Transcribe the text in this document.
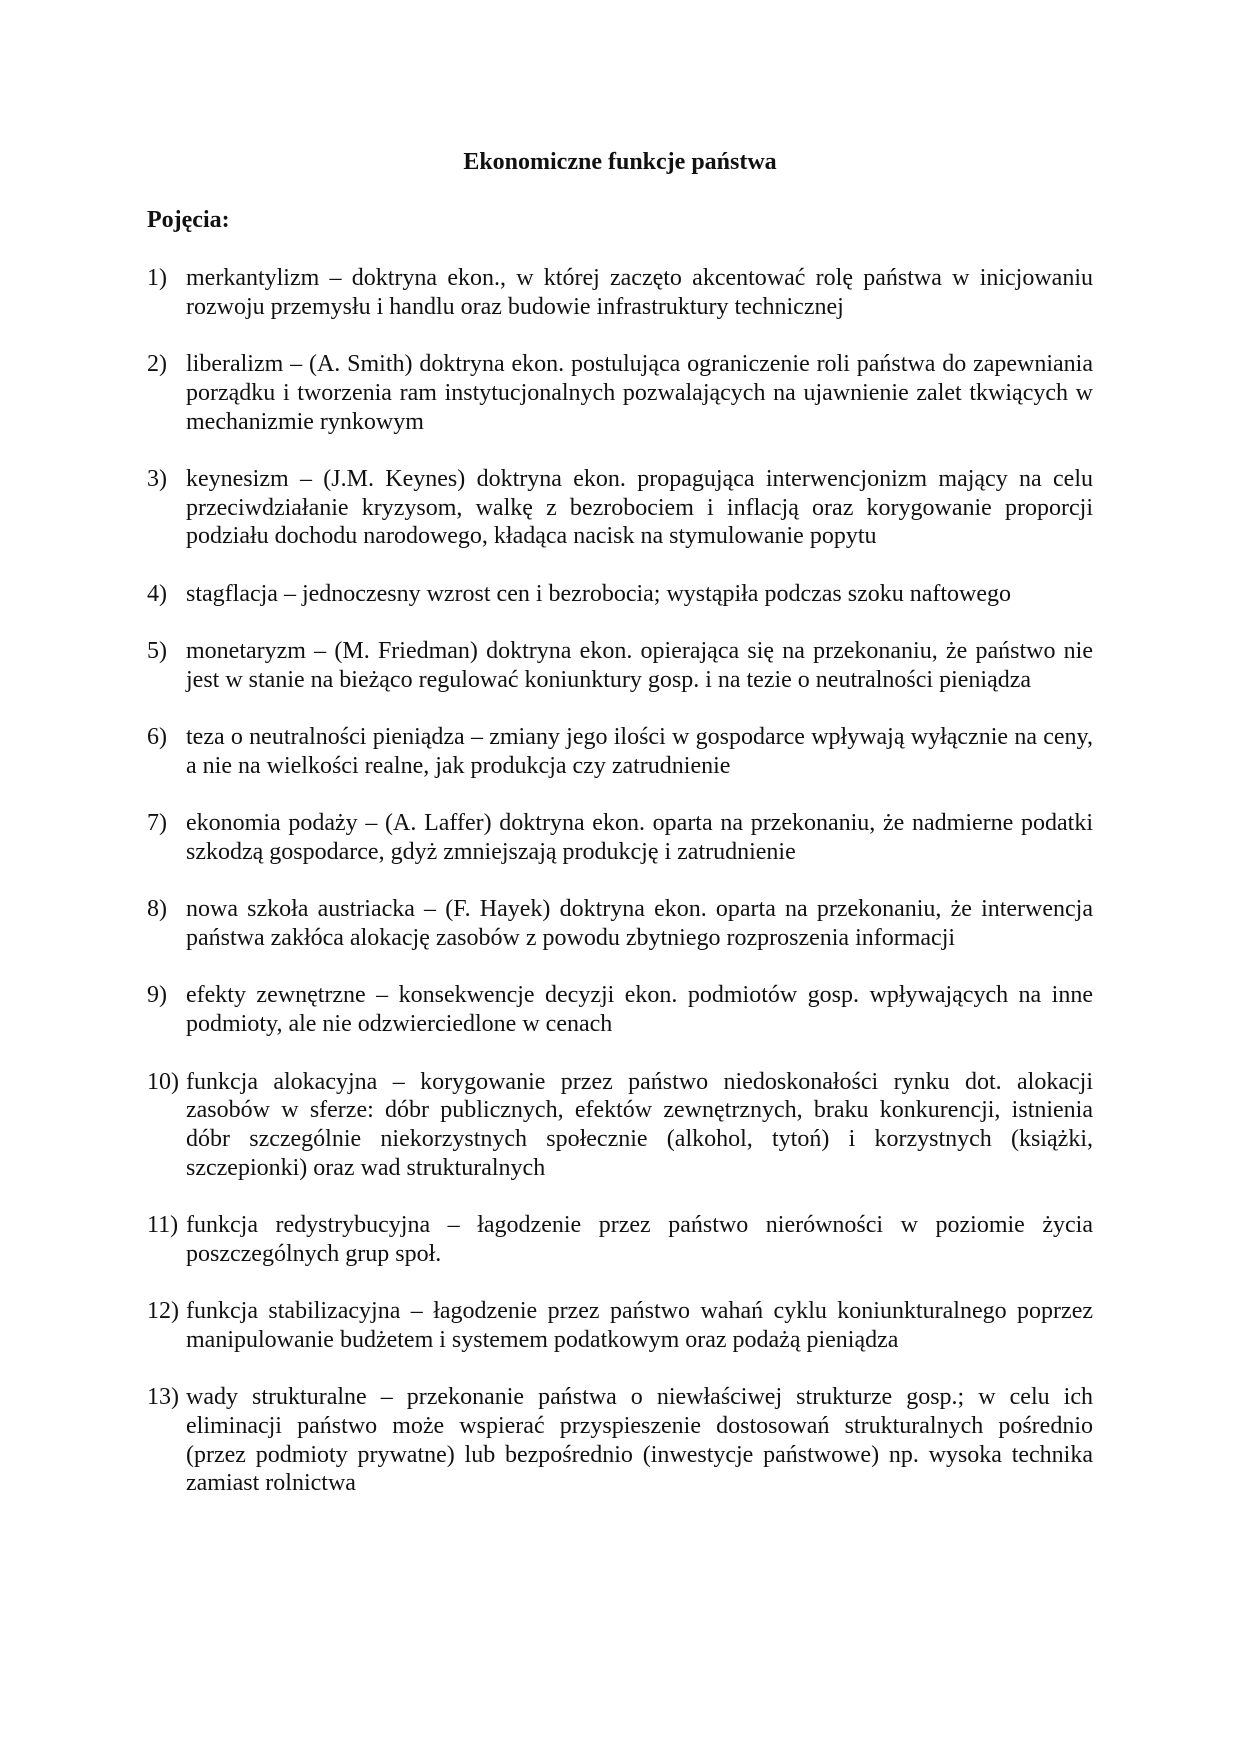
Ekonomiczne funkcje państwa
Pojęcia:
1) merkantylizm – doktryna ekon., w której zaczęto akcentować rolę państwa w inicjowaniu rozwoju przemysłu i handlu oraz budowie infrastruktury technicznej
2) liberalizm – (A. Smith) doktryna ekon. postulująca ograniczenie roli państwa do zapewniania porządku i tworzenia ram instytucjonalnych pozwalających na ujawnienie zalet tkwiących w mechanizmie rynkowym
3) keynesizm – (J.M. Keynes) doktryna ekon. propagująca interwencjonizm mający na celu przeciwdziałanie kryzysom, walkę z bezrobociem i inflacją oraz korygowanie proporcji podziału dochodu narodowego, kładąca nacisk na stymulowanie popytu
4) stagflacja – jednoczesny wzrost cen i bezrobocia; wystąpiła podczas szoku naftowego
5) monetaryzm – (M. Friedman) doktryna ekon. opierająca się na przekonaniu, że państwo nie jest w stanie na bieżąco regulować koniunktury gosp. i na tezie o neutralności pieniądza
6) teza o neutralności pieniądza – zmiany jego ilości w gospodarce wpływają wyłącznie na ceny, a nie na wielkości realne, jak produkcja czy zatrudnienie
7) ekonomia podaży – (A. Laffer) doktryna ekon. oparta na przekonaniu, że nadmierne podatki szkodzą gospodarce, gdyż zmniejszają produkcję i zatrudnienie
8) nowa szkoła austriacka – (F. Hayek) doktryna ekon. oparta na przekonaniu, że interwencja państwa zakłóca alokację zasobów z powodu zbytniego rozproszenia informacji
9) efekty zewnętrzne – konsekwencje decyzji ekon. podmiotów gosp. wpływających na inne podmioty, ale nie odzwierciedlone w cenach
10) funkcja alokacyjna – korygowanie przez państwo niedoskonałości rynku dot. alokacji zasobów w sferze: dóbr publicznych, efektów zewnętrznych, braku konkurencji, istnienia dóbr szczególnie niekorzystnych społecznie (alkohol, tytoń) i korzystnych (książki, szczepionki) oraz wad strukturalnych
11) funkcja redystrybucyjna – łagodzenie przez państwo nierówności w poziomie życia poszczególnych grup społ.
12) funkcja stabilizacyjna – łagodzenie przez państwo wahań cyklu koniunkturalnego poprzez manipulowanie budżetem i systemem podatkowym oraz podażą pieniądza
13) wady strukturalne – przekonanie państwa o niewłaściwej strukturze gosp.; w celu ich eliminacji państwo może wspierać przyspieszenie dostosowań strukturalnych pośrednio (przez podmioty prywatne) lub bezpośrednio (inwestycje państwowe) np. wysoka technika zamiast rolnictwa
